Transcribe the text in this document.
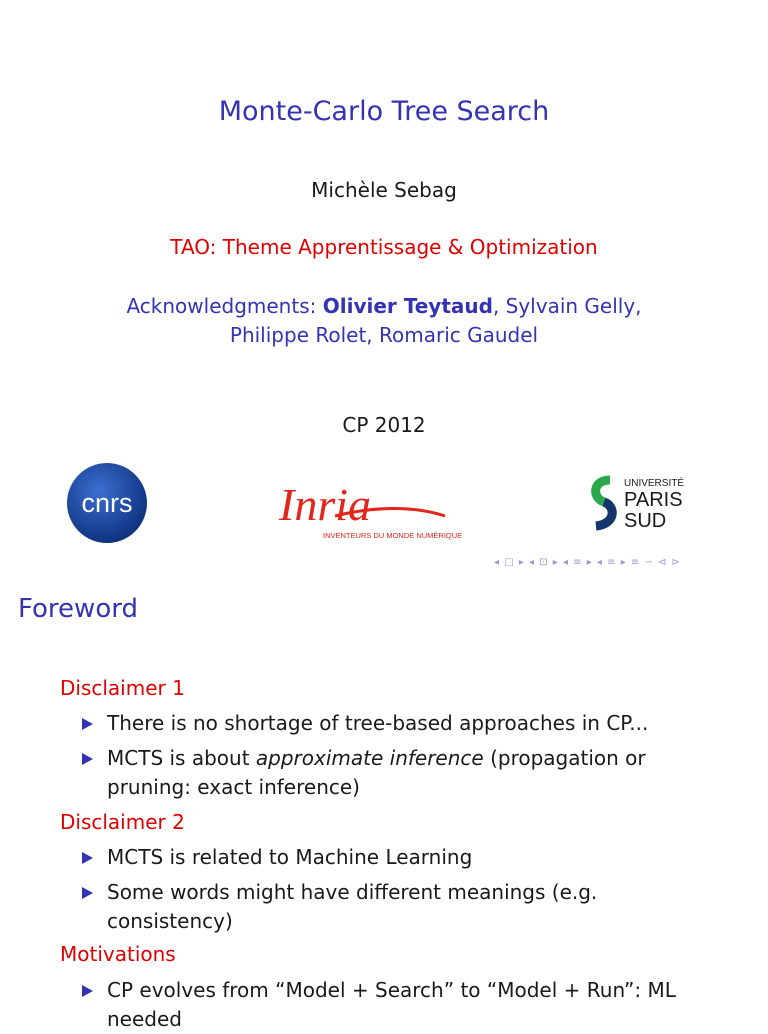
Monte-Carlo Tree Search
Michèle Sebag
TAO: Theme Apprentissage & Optimization
Acknowledgments: Olivier Teytaud, Sylvain Gelly,
Philippe Rolet, Romaric Gaudel
CP 2012
cnrs	Inria
INVENTEURS DU MONDE NUMÉRIQUE
UNIVERSITÉ
PARIS
SUD
◂ □ ▸ ◂ ⊡ ▸ ◂ ≡ ▸ ◂ ≡ ▸ ≡ ∽ ⊲ ⊳
Foreword
Disclaimer 1
There is no shortage of tree-based approaches in CP...
MCTS is about approximate inference (propagation or pruning: exact inference)
Disclaimer 2
MCTS is related to Machine Learning
Some words might have different meanings (e.g. consistency)
Motivations
CP evolves from “Model + Search” to “Model + Run”: ML needed
